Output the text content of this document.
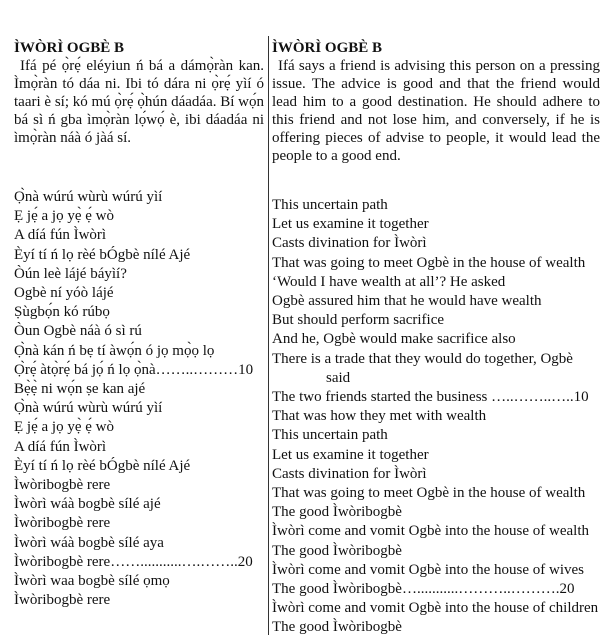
ÌWÒRÌ OGBÈ B

Ifá pé ọ̀rẹ́ eléyiun ń bá a dámọ̀ràn kan. Ìmọ̀ràn tó dáa ni. Ibi tó dára ni ọ̀rẹ́ yìí ó taari è sí; kó mú ọ̀rẹ́ ọ̀hún dáadáa. Bí wọ́n bá sì ń gba ìmọ̀ràn lọ́wọ́ è, ibi dáadáa ni ìmọ̀ràn náà ó jàá sí.

Ọ̀nà wúrú wùrù wúrú yìí
Ẹ jẹ́ a jọ yẹ̀ ẹ́ wò
A díá fún Ìwòrì
Èyí tí ń lọ rèé bÓgbè nílé Ajé
Òún leè lájé báyìí?
Ogbè ní yóò lájé
Ṣùgbọ́n kó rúbọ
Òun Ogbè náà ó sì rú
Ọ̀nà kán ń bẹ tí àwọ́n ó jọ mọ̀ọ lọ
Ọ̀rẹ́ àtọ̀rẹ́ bá jọ́ ń lọ ọ̀nà……..………10
Bẹ̀ẹ̀ ni wọ́n ṣe kan ajé
Ọ̀nà wúrú wùrù wúrú yìí
Ẹ jẹ́ a jọ yẹ̀ ẹ́ wò
A díá fún Ìwòrì
Èyí tí ń lọ rèé bÓgbè nílé Ajé
Ìwòribogbè rere
Ìwòrì wáà bogbè sílé ajé
Ìwòribogbè rere
Ìwòrì wáà bogbè sílé aya
Ìwòribogbè rere……...........….……..20
Ìwòrì waa bogbè sílé ọmọ
Ìwòribogbè rere
ÌWÒRÌ OGBÈ B

Ifá says a friend is advising this person on a pressing issue. The advice is good and that the friend would lead him to a good destination. He should adhere to this friend and not lose him, and conversely, if he is offering pieces of advise to people, it would lead the people to a good end.

This uncertain path
Let us examine it together
Casts divination for Ìwòrì
That was going to meet Ogbè in the house of wealth
‘Would I have wealth at all’? He asked
Ogbè assured him that he would have wealth
But should perform sacrifice
And he, Ogbè would make sacrifice also
There is a trade that they would do together, Ogbè
said
The two friends started the business …..……..…..10
That was how they met with wealth
This uncertain path
Let us examine it together
Casts divination for Ìwòrì
That was going to meet Ogbè in the house of wealth
The good Ìwòribogbè
Ìwòrì come and vomit Ogbè into the house of wealth
The good Ìwòribogbè
Ìwòrì come and vomit Ogbè into the house of wives
The good Ìwòribogbè…...........………..……….20
Ìwòrì come and vomit Ogbè into the house of children
The good Ìwòribogbè
